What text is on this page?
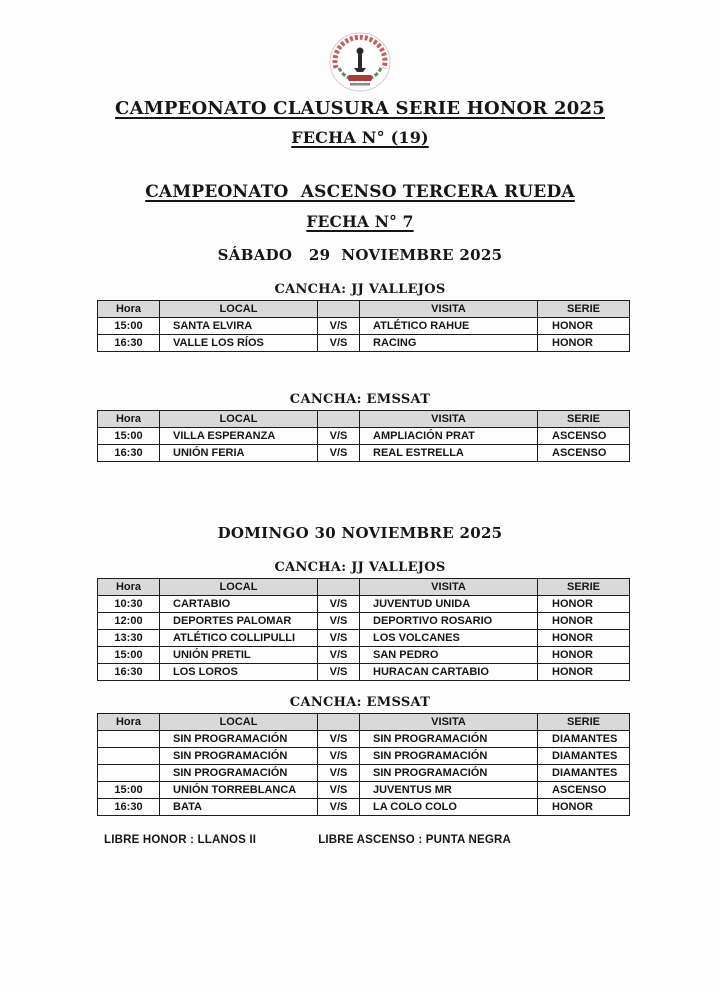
CAMPEONATO CLAUSURA SERIE HONOR 2025
FECHA N° (19)
CAMPEONATO  ASCENSO TERCERA RUEDA
FECHA N° 7
SÁBADO   29  NOVIEMBRE 2025
CANCHA: JJ VALLEJOS
Hora	LOCAL		VISITA	SERIE
15:00	SANTA ELVIRA	V/S	ATLÉTICO RAHUE	HONOR
16:30	VALLE LOS RÍOS	V/S	RACING	HONOR
CANCHA: EMSSAT
Hora	LOCAL		VISITA	SERIE
15:00	VILLA ESPERANZA	V/S	AMPLIACIÓN PRAT	ASCENSO
16:30	UNIÓN FERIA	V/S	REAL ESTRELLA	ASCENSO
DOMINGO 30 NOVIEMBRE 2025
CANCHA: JJ VALLEJOS
Hora	LOCAL		VISITA	SERIE
10:30	CARTABIO	V/S	JUVENTUD UNIDA	HONOR
12:00	DEPORTES PALOMAR	V/S	DEPORTIVO ROSARIO	HONOR
13:30	ATLÉTICO COLLIPULLI	V/S	LOS VOLCANES	HONOR
15:00	UNIÓN PRETIL	V/S	SAN PEDRO	HONOR
16:30	LOS LOROS	V/S	HURACAN CARTABIO	HONOR
CANCHA: EMSSAT
Hora	LOCAL		VISITA	SERIE
	SIN PROGRAMACIÓN	V/S	SIN PROGRAMACIÓN	DIAMANTES
	SIN PROGRAMACIÓN	V/S	SIN PROGRAMACIÓN	DIAMANTES
	SIN PROGRAMACIÓN	V/S	SIN PROGRAMACIÓN	DIAMANTES
15:00	UNIÓN TORREBLANCA	V/S	JUVENTUS MR	ASCENSO
16:30	BATA	V/S	LA COLO COLO	HONOR
LIBRE HONOR : LLANOS II	LIBRE ASCENSO : PUNTA NEGRA
